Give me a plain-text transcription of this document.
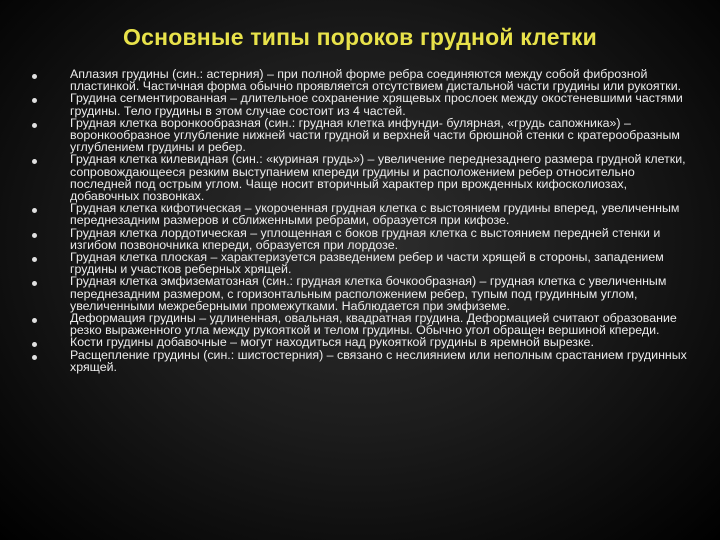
Основные типы пороков грудной клетки
Аплазия грудины (син.: астерния) – при полной форме ребра соединяются между собой фиброзной пластинкой. Частичная форма обычно проявляется отсутствием дистальной части грудины или рукоятки.
Грудина сегментированная – длительное сохранение хрящевых прослоек между окостеневшими частями грудины. Тело грудины в этом случае состоит из 4 частей.
Грудная клетка воронкообразная (син.: грудная клетка инфунди- булярная, «грудь сапожника») – воронкообразное углубление нижней части грудной и верхней части брюшной стенки с кратерообразным углублением грудины и ребер.
Грудная клетка килевидная (син.: «куриная грудь») – увеличение переднезаднего размера грудной клетки, сопровождающееся резким выступанием кпереди грудины и расположением ребер относительно последней под острым углом. Чаще носит вторичный характер при врожденных кифосколиозах, добавочных позвонках.
Грудная клетка кифотическая – укороченная грудная клетка с выстоянием грудины вперед, увеличенным переднезадним размеров и сближенными ребрами, образуется при кифозе.
Грудная клетка лордотическая – уплощенная с боков грудная клетка с выстоянием передней стенки и изгибом позвоночника кпереди, образуется при лордозе.
Грудная клетка плоская – характеризуется разведением ребер и части хрящей в стороны, западением грудины и участков реберных хрящей.
Грудная клетка эмфизематозная (син.: грудная клетка бочкообразная) – грудная клетка с увеличенным переднезадним размером, с горизонтальным расположением ребер, тупым под грудинным углом, увеличенными межреберными промежутками. Наблюдается при эмфиземе.
Деформация грудины – удлиненная, овальная, квадратная грудина. Деформацией считают образование резко выраженного угла между рукояткой и телом грудины. Обычно угол обращен вершиной кпереди.
Кости грудины добавочные – могут находиться над рукояткой грудины в яремной вырезке.
Расщепление грудины (син.: шистостерния) – связано с неслиянием или неполным срастанием грудинных хрящей.
